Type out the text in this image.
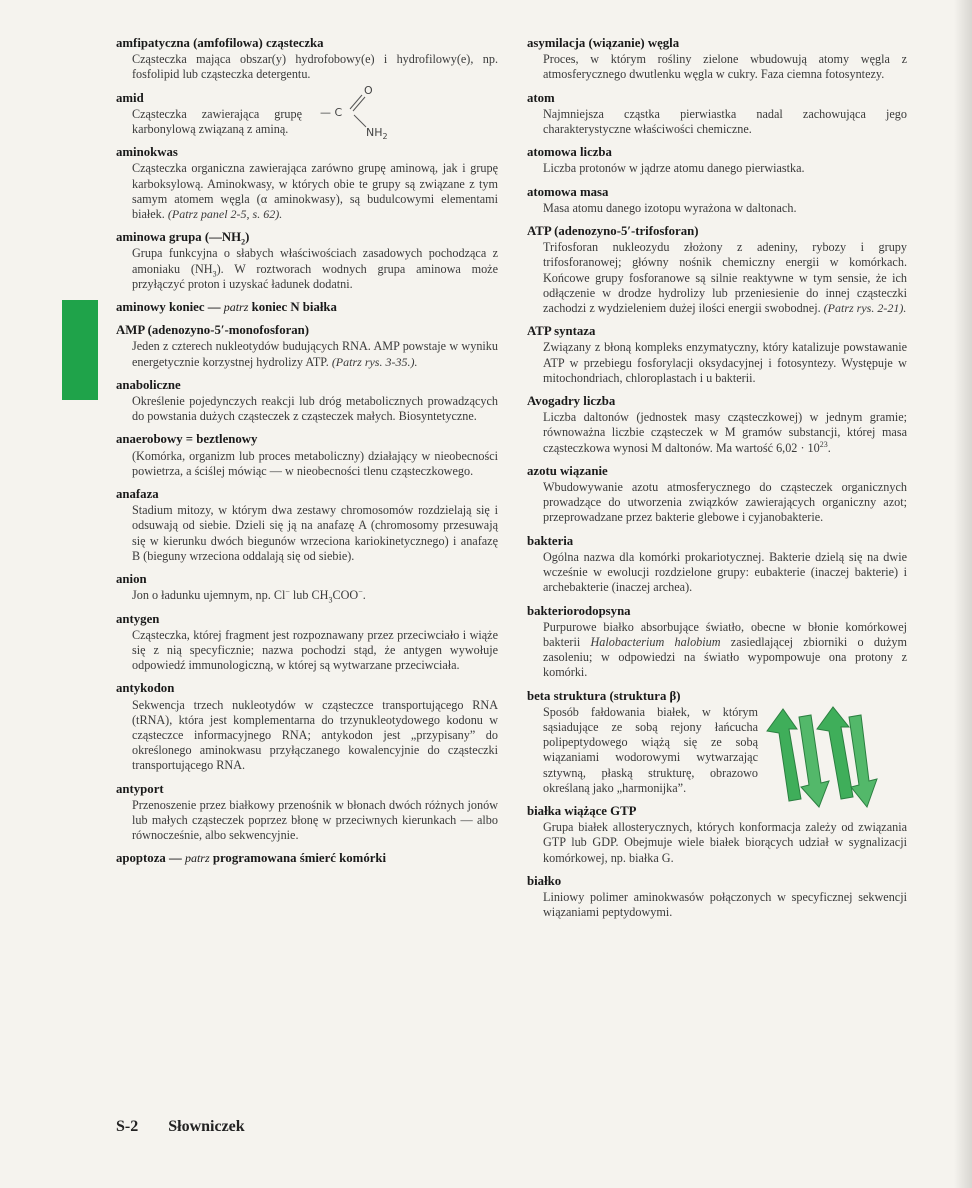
amfipatyczna (amfofilowa) cząsteczka
Cząsteczka mająca obszar(y) hydrofobowy(e) i hydrofilowy(e), np. fosfolipid lub cząsteczka detergentu.
amid
Cząsteczka zawierająca grupę karbonylową związaną z aminą.
O
— C
$NH_2$
aminokwas
Cząsteczka organiczna zawierająca zarówno grupę aminową, jak i grupę karboksylową. Aminokwasy, w których obie te grupy są związane z tym samym atomem węgla (α aminokwasy), są budulcowymi elementami białek. (Patrz panel 2-5, s. 62).
aminowa grupa $(—NH_2)$
Grupa funkcyjna o słabych właściwościach zasadowych pochodząca z amoniaku $(NH_3)$. W roztworach wodnych grupa aminowa może przyłączyć proton i uzyskać ładunek dodatni.
aminowy koniec — patrz koniec N białka
AMP (adenozyno-5′-monofosforan)
Jeden z czterech nukleotydów budujących RNA. AMP powstaje w wyniku energetycznie korzystnej hydrolizy ATP. (Patrz rys. 3-35.).
anaboliczne
Określenie pojedynczych reakcji lub dróg metabolicznych prowadzących do powstania dużych cząsteczek z cząsteczek małych. Biosyntetyczne.
anaerobowy = beztlenowy
(Komórka, organizm lub proces metaboliczny) działający w nieobecności powietrza, a ściślej mówiąc — w nieobecności tlenu cząsteczkowego.
anafaza
Stadium mitozy, w którym dwa zestawy chromosomów rozdzielają się i odsuwają od siebie. Dzieli się ją na anafazę A (chromosomy przesuwają się w kierunku dwóch biegunów wrzeciona kariokinetycznego) i anafazę B (bieguny wrzeciona oddalają się od siebie).
anion
Jon o ładunku ujemnym, np. Cl− lub $CH_3COO^-$.
antygen
Cząsteczka, której fragment jest rozpoznawany przez przeciwciało i wiąże się z nią specyficznie; nazwa pochodzi stąd, że antygen wywołuje odpowiedź immunologiczną, w której są wytwarzane przeciwciała.
antykodon
Sekwencja trzech nukleotydów w cząsteczce transportującego RNA (tRNA), która jest komplementarna do trzynukleotydowego kodonu w cząsteczce informacyjnego RNA; antykodon jest „przypisany” do określonego aminokwasu przyłączanego kowalencyjnie do cząsteczki transportującego RNA.
antyport
Przenoszenie przez białkowy przenośnik w błonach dwóch różnych jonów lub małych cząsteczek poprzez błonę w przeciwnych kierunkach — albo równocześnie, albo sekwencyjnie.
apoptoza — patrz programowana śmierć komórki
asymilacja (wiązanie) węgla
Proces, w którym rośliny zielone wbudowują atomy węgla z atmosferycznego dwutlenku węgla w cukry. Faza ciemna fotosyntezy.
atom
Najmniejsza cząstka pierwiastka nadal zachowująca jego charakterystyczne właściwości chemiczne.
atomowa liczba
Liczba protonów w jądrze atomu danego pierwiastka.
atomowa masa
Masa atomu danego izotopu wyrażona w daltonach.
ATP (adenozyno-5′-trifosforan)
Trifosforan nukleozydu złożony z adeniny, rybozy i grupy trifosforanowej; główny nośnik chemiczny energii w komórkach. Końcowe grupy fosforanowe są silnie reaktywne w tym sensie, że ich odłączenie w drodze hydrolizy lub przeniesienie do innej cząsteczki zachodzi z wydzieleniem dużej ilości energii swobodnej. (Patrz rys. 2-21).
ATP syntaza
Związany z błoną kompleks enzymatyczny, który katalizuje powstawanie ATP w przebiegu fosforylacji oksydacyjnej i fotosyntezy. Występuje w mitochondriach, chloroplastach i u bakterii.
Avogadry liczba
Liczba daltonów (jednostek masy cząsteczkowej) w jednym gramie; równoważna liczbie cząsteczek w M gramów substancji, której masa cząsteczkowa wynosi M daltonów. Ma wartość $6,02 \cdot 10^{23}$.
azotu wiązanie
Wbudowywanie azotu atmosferycznego do cząsteczek organicznych prowadzące do utworzenia związków zawierających organiczny azot; przeprowadzane przez bakterie glebowe i cyjanobakterie.
bakteria
Ogólna nazwa dla komórki prokariotycznej. Bakterie dzielą się na dwie wcześnie w ewolucji rozdzielone grupy: eubakterie (inaczej bakterie) i archebakterie (inaczej archea).
bakteriorodopsyna
Purpurowe białko absorbujące światło, obecne w błonie komórkowej bakterii Halobacterium halobium zasiedlającej zbiorniki o dużym zasoleniu; w odpowiedzi na światło wypompowuje ona protony z komórki.
beta struktura (struktura β)
Sposób fałdowania białek, w którym sąsiadujące ze sobą rejony łańcucha polipeptydowego wiążą się ze sobą wiązaniami wodorowymi wytwarzając sztywną, płaską strukturę, obrazowo określaną jako „harmonijka”.
białka wiążące GTP
Grupa białek allosterycznych, których konformacja zależy od związania GTP lub GDP. Obejmuje wiele białek biorących udział w sygnalizacji komórkowej, np. białka G.
białko
Liniowy polimer aminokwasów połączonych w specyficznej sekwencji wiązaniami peptydowymi.
S-2 Słowniczek
